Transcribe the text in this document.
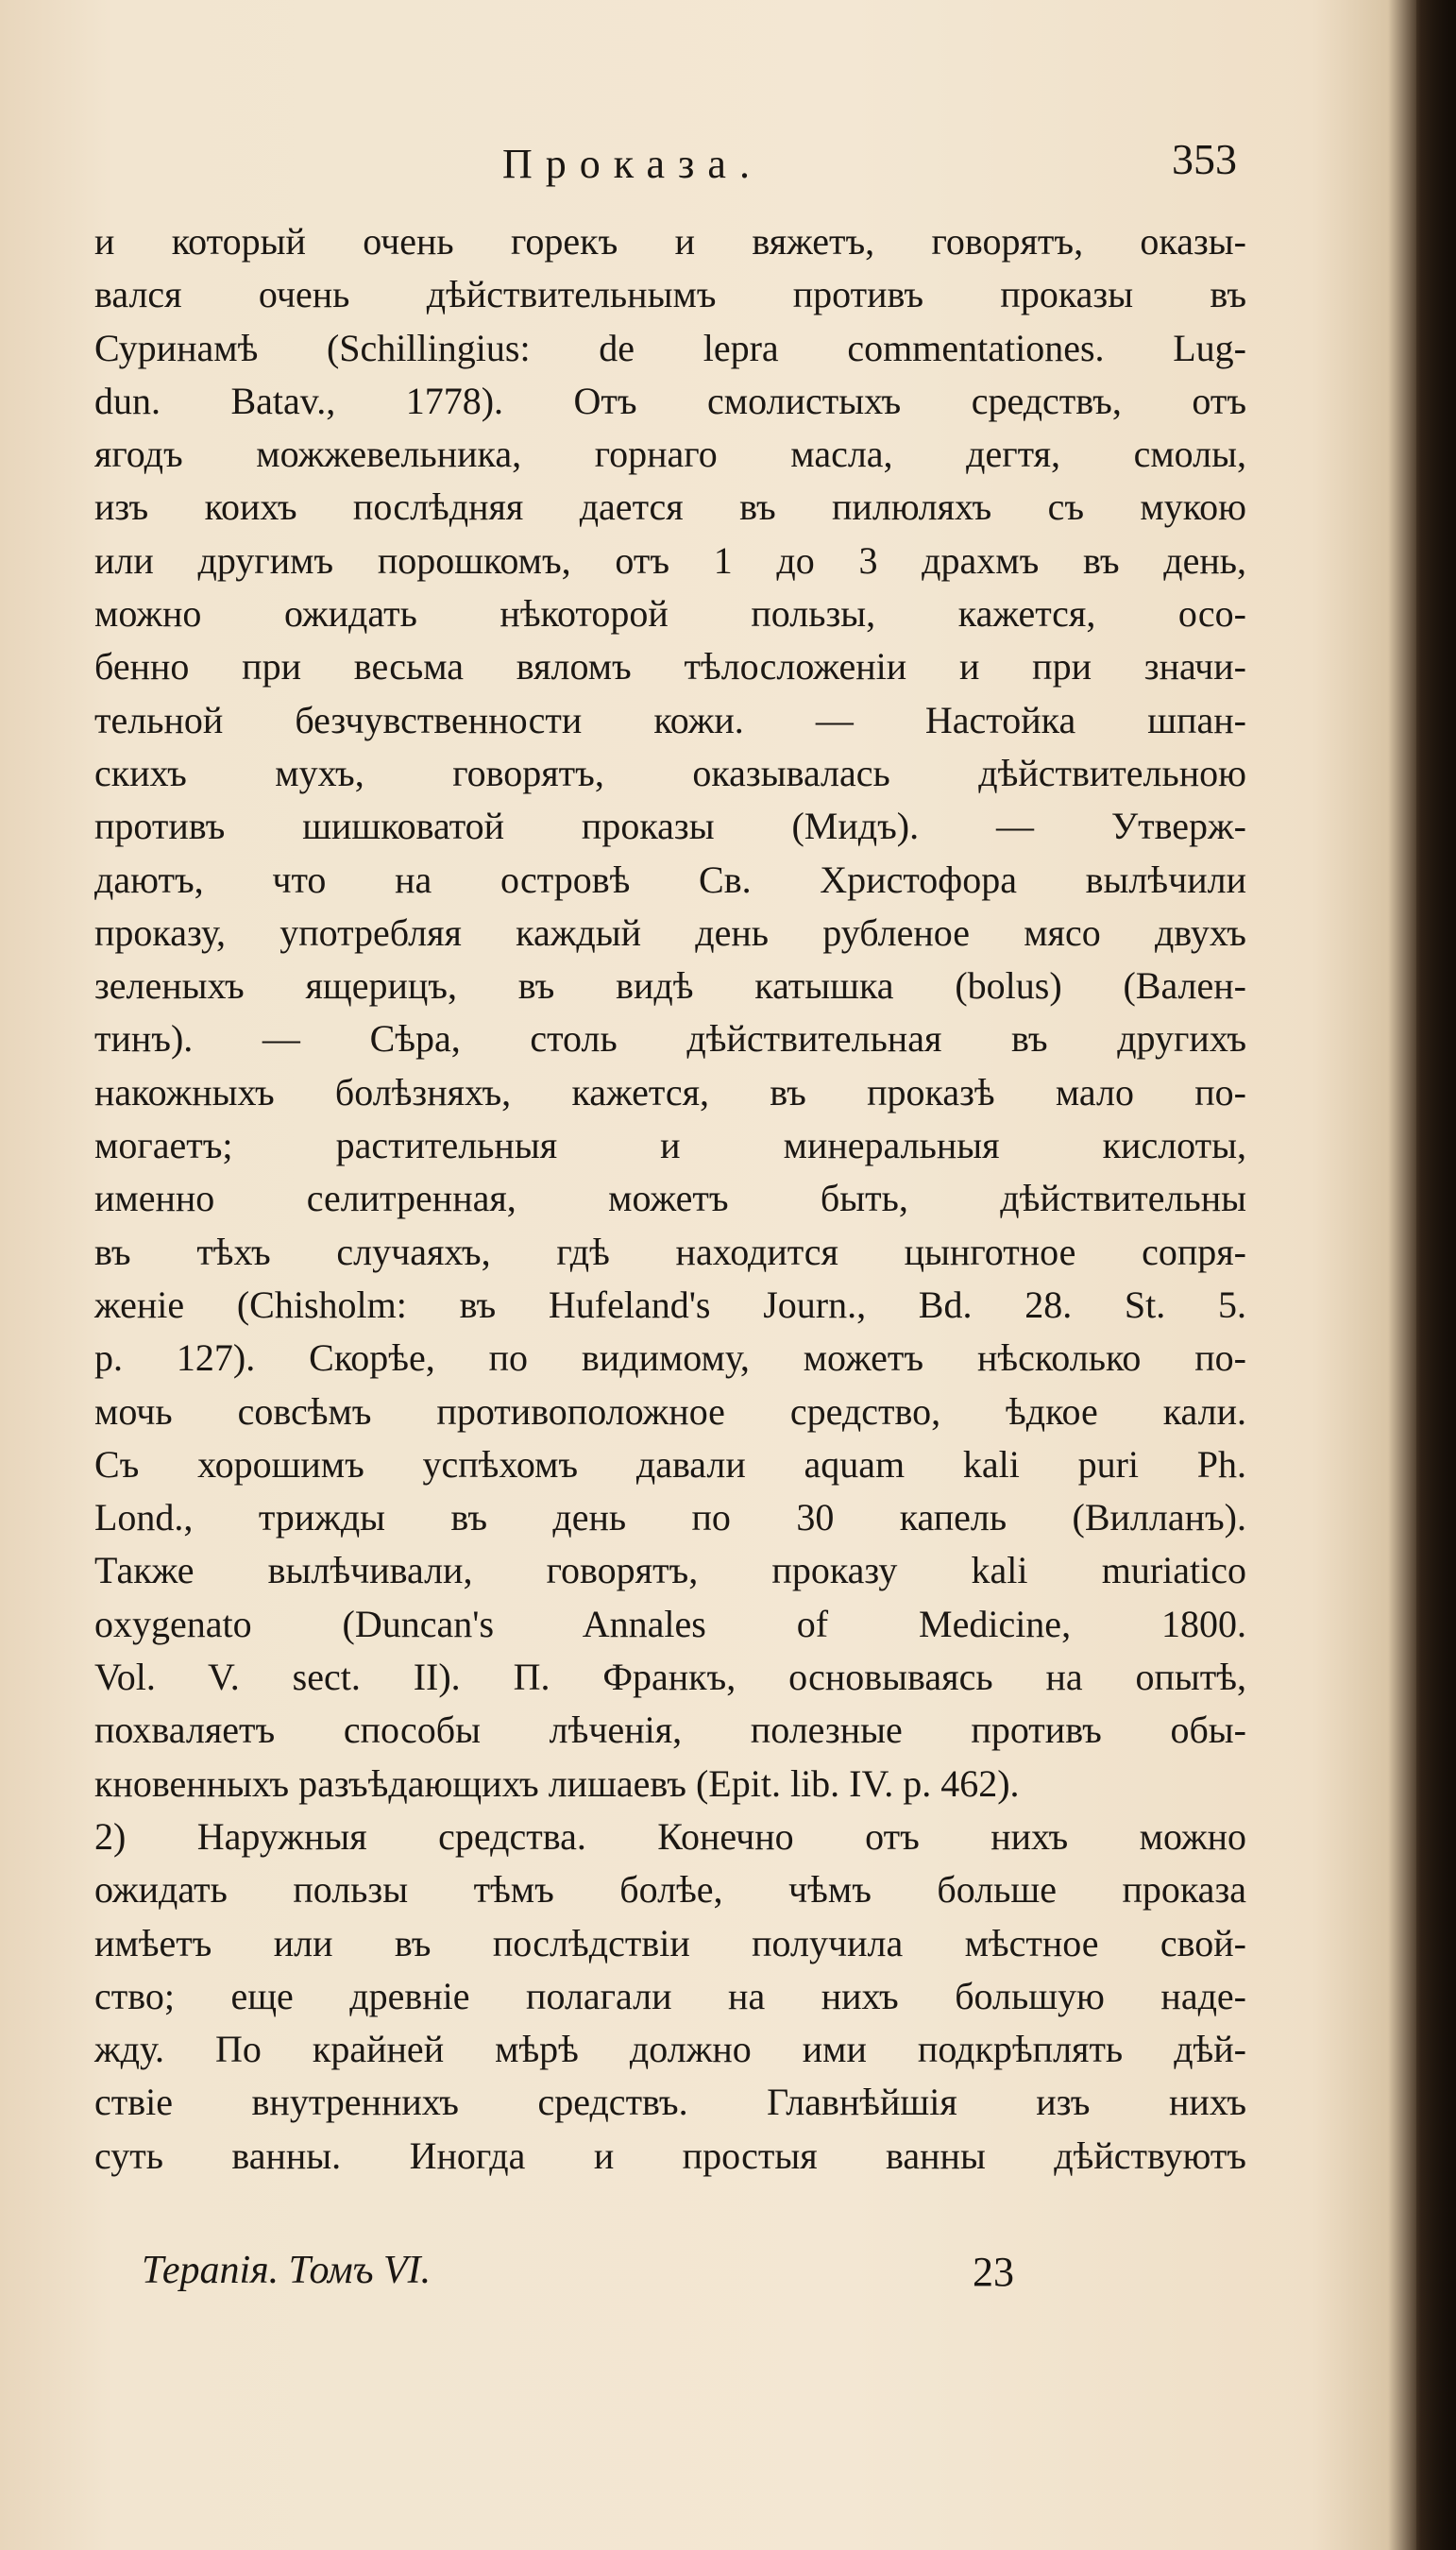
Проказа.	353
и который очень горекъ и вяжетъ, говорятъ, оказы-
вался очень дѣйствительнымъ противъ проказы въ
Суринамѣ (Schillingius: de lepra commentationes. Lug-
dun. Batav., 1778). Отъ смолистыхъ средствъ, отъ
ягодъ можжевельника, горнаго масла, дегтя, смолы,
изъ коихъ послѣдняя дается въ пилюляхъ съ мукою
или другимъ порошкомъ, отъ 1 до 3 драхмъ въ день,
можно ожидать нѣкоторой пользы, кажется, осо-
бенно при весьма вяломъ тѣлосложеніи и при значи-
тельной безчувственности кожи. — Настойка шпан-
скихъ мухъ, говорятъ, оказывалась дѣйствительною
противъ шишковатой проказы (Мидъ). — Утверж-
даютъ, что на островѣ Св. Христофора вылѣчили
проказу, употребляя каждый день рубленое мясо двухъ
зеленыхъ ящерицъ, въ видѣ катышка (bolus) (Вален-
тинъ). — Сѣра, столь дѣйствительная въ другихъ
накожныхъ болѣзняхъ, кажется, въ проказѣ мало по-
могаетъ; растительныя и минеральныя кислоты,
именно селитренная, можетъ быть, дѣйствительны
въ тѣхъ случаяхъ, гдѣ находится цынготное сопря-
женіе (Chisholm: въ Hufeland's Journ., Bd. 28. St. 5.
p. 127). Скорѣе, по видимому, можетъ нѣсколько по-
мочь совсѣмъ противоположное средство, ѣдкое кали.
Съ хорошимъ успѣхомъ давали aquam kali puri Ph.
Lond., трижды въ день по 30 капель (Вилланъ).
Также вылѣчивали, говорятъ, проказу kali muriatico
oxygenato (Duncan's Annales of Medicine, 1800.
Vol. V. sect. II). П. Франкъ, основываясь на опытѣ,
похваляетъ способы лѣченія, полезные противъ обы-
кновенныхъ разъѣдающихъ лишаевъ (Epit. lib. IV. p. 462).
2) Наружныя средства. Конечно отъ нихъ можно
ожидать пользы тѣмъ болѣе, чѣмъ больше проказа
имѣетъ или въ послѣдствіи получила мѣстное свой-
ство; еще древніе полагали на нихъ большую наде-
жду. По крайней мѣрѣ должно ими подкрѣплять дѣй-
ствіе внутреннихъ средствъ. Главнѣйшія изъ нихъ
суть ванны. Иногда и простыя ванны дѣйствуютъ
Терапія. Томъ VI.	23
